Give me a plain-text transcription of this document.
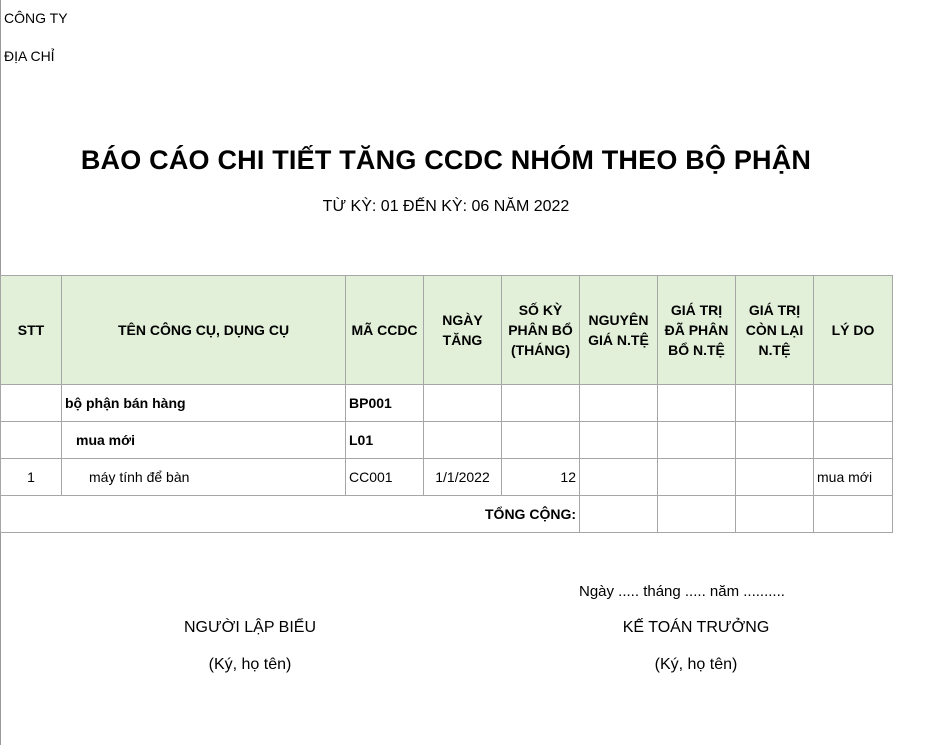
CÔNG TY
ĐỊA CHỈ
BÁO CÁO CHI TIẾT TĂNG CCDC NHÓM THEO BỘ PHẬN
TỪ KỲ: 01 ĐẾN KỲ: 06 NĂM 2022
STT	TÊN CÔNG CỤ, DỤNG CỤ	MÃ CCDC	NGÀY TĂNG	SỐ KỲ PHÂN BỔ (THÁNG)	NGUYÊN GIÁ N.TỆ	GIÁ TRỊ ĐÃ PHÂN BỔ N.TỆ	GIÁ TRỊ CÒN LẠI N.TỆ	LÝ DO
	bộ phận bán hàng	BP001						
	mua mới	L01						
1	máy tính để bàn	CC001	1/1/2022	12				mua mới
TỔNG CỘNG:								
Ngày ..... tháng ..... năm ..........
NGƯỜI LẬP BIỂU
(Ký, họ tên)
KẾ TOÁN TRƯỞNG
(Ký, họ tên)
